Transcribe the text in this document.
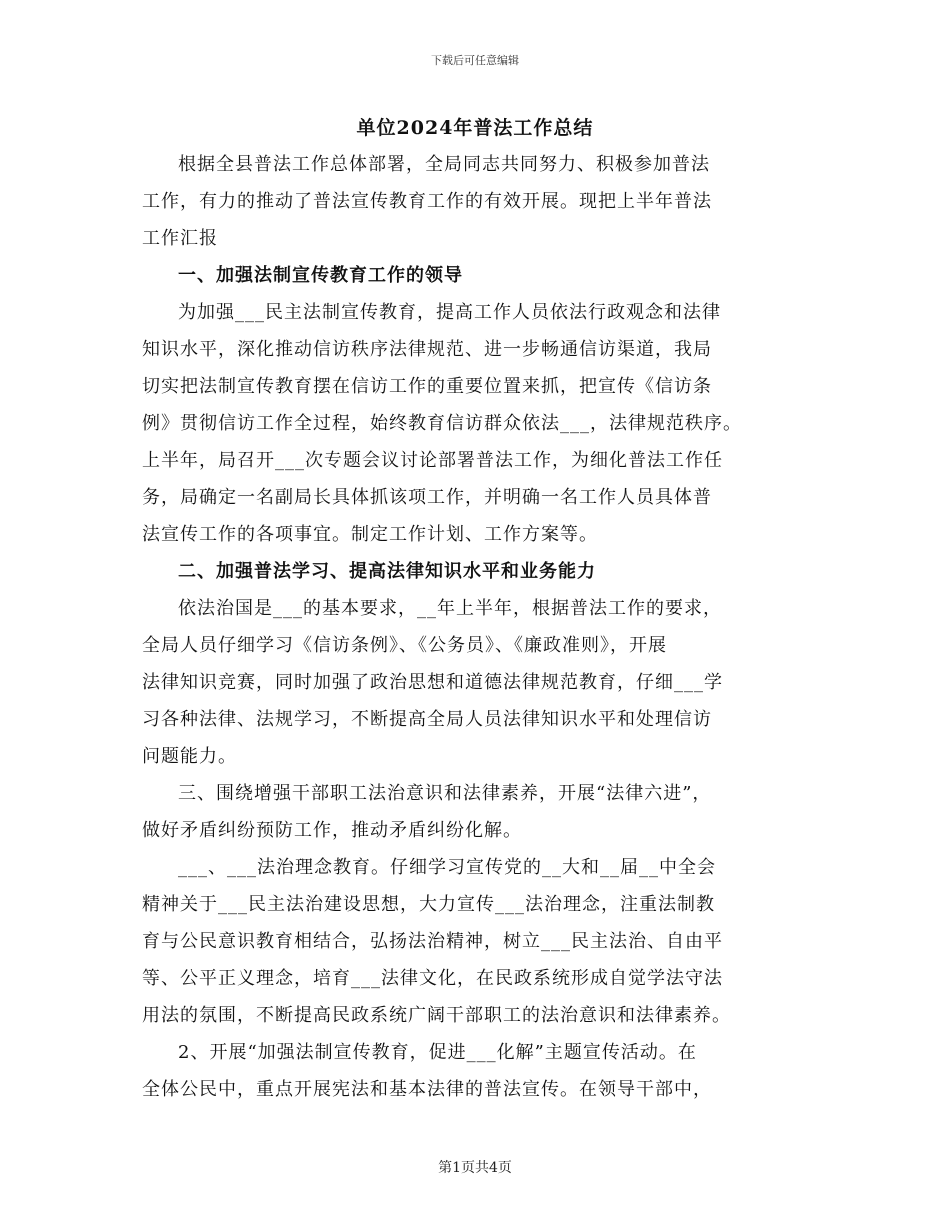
下载后可任意编辑
单位2024年普法工作总结
根据全县普法工作总体部署，全局同志共同努力、积极参加普法
工作，有力的推动了普法宣传教育工作的有效开展。现把上半年普法
工作汇报
一、加强法制宣传教育工作的领导
为加强___民主法制宣传教育，提高工作人员依法行政观念和法律
知识水平，深化推动信访秩序法律规范、进一步畅通信访渠道，我局
切实把法制宣传教育摆在信访工作的重要位置来抓，把宣传《信访条
例》贯彻信访工作全过程，始终教育信访群众依法___，法律规范秩序。
上半年，局召开___次专题会议讨论部署普法工作，为细化普法工作任
务，局确定一名副局长具体抓该项工作，并明确一名工作人员具体普
法宣传工作的各项事宜。制定工作计划、工作方案等。
二、加强普法学习、提高法律知识水平和业务能力
依法治国是___的基本要求，__年上半年，根据普法工作的要求，
全局人员仔细学习《信访条例》、《公务员》、《廉政准则》，开展
法律知识竞赛，同时加强了政治思想和道德法律规范教育，仔细___学
习各种法律、法规学习，不断提高全局人员法律知识水平和处理信访
问题能力。
三、围绕增强干部职工法治意识和法律素养，开展“法律六进”，
做好矛盾纠纷预防工作，推动矛盾纠纷化解。
___、___法治理念教育。仔细学习宣传党的__大和__届__中全会
精神关于___民主法治建设思想，大力宣传___法治理念，注重法制教
育与公民意识教育相结合，弘扬法治精神，树立___民主法治、自由平
等、公平正义理念，培育___法律文化，在民政系统形成自觉学法守法
用法的氛围，不断提高民政系统广阔干部职工的法治意识和法律素养。
2、开展“加强法制宣传教育，促进___化解”主题宣传活动。在
全体公民中，重点开展宪法和基本法律的普法宣传。在领导干部中，
第1页共4页
